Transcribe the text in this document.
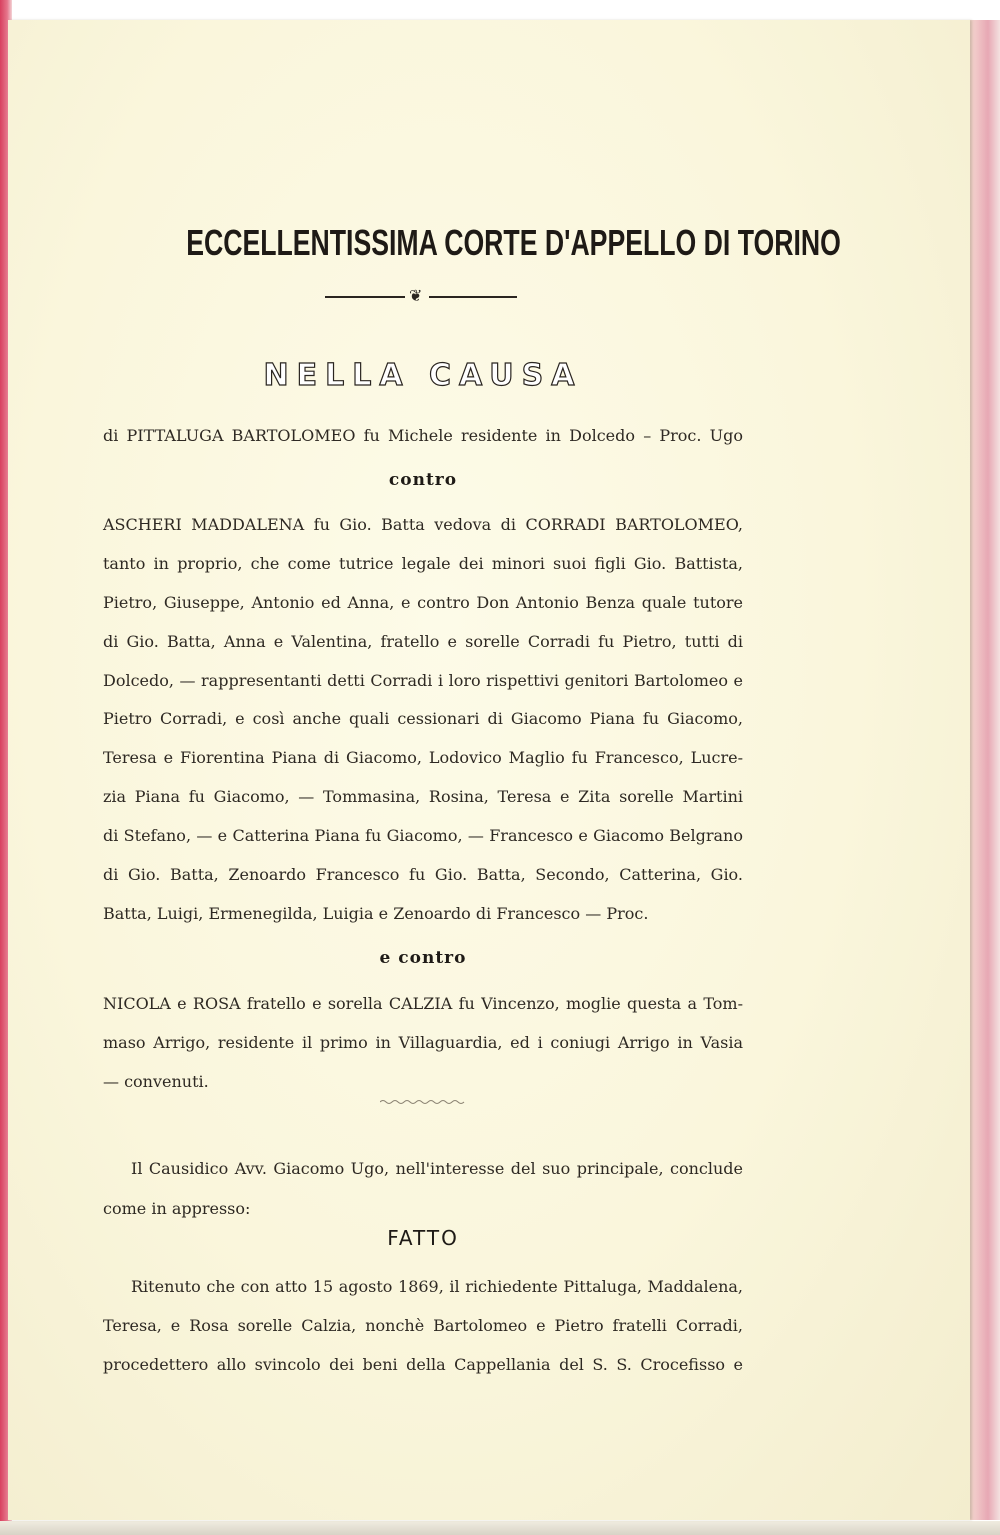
ECCELLENTISSIMA CORTE D'APPELLO DI TORINO
❦
NELLA CAUSA
di PITTALUGA BARTOLOMEO fu Michele residente in Dolcedo – Proc. Ugo
contro
ASCHERI MADDALENA fu Gio. Batta vedova di CORRADI BARTOLOMEO,
tanto in proprio, che come tutrice legale dei minori suoi figli Gio. Battista,
Pietro, Giuseppe, Antonio ed Anna, e contro Don Antonio Benza quale tutore
di Gio. Batta, Anna e Valentina, fratello e sorelle Corradi fu Pietro, tutti di
Dolcedo, — rappresentanti detti Corradi i loro rispettivi genitori Bartolomeo e
Pietro Corradi, e così anche quali cessionari di Giacomo Piana fu Giacomo,
Teresa e Fiorentina Piana di Giacomo, Lodovico Maglio fu Francesco, Lucre-
zia Piana fu Giacomo, — Tommasina, Rosina, Teresa e Zita sorelle Martini
di Stefano, — e Catterina Piana fu Giacomo, — Francesco e Giacomo Belgrano
di Gio. Batta, Zenoardo Francesco fu Gio. Batta, Secondo, Catterina, Gio.
Batta, Luigi, Ermenegilda, Luigia e Zenoardo di Francesco — Proc.
e contro
NICOLA e ROSA fratello e sorella CALZIA fu Vincenzo, moglie questa a Tom-
maso Arrigo, residente il primo in Villaguardia, ed i coniugi Arrigo in Vasia
— convenuti.
Il Causidico Avv. Giacomo Ugo, nell'interesse del suo principale, conclude
come in appresso:
FATTO
Ritenuto che con atto 15 agosto 1869, il richiedente Pittaluga, Maddalena,
Teresa, e Rosa sorelle Calzia, nonchè Bartolomeo e Pietro fratelli Corradi,
procedettero allo svincolo dei beni della Cappellania del S. S. Crocefisso e
